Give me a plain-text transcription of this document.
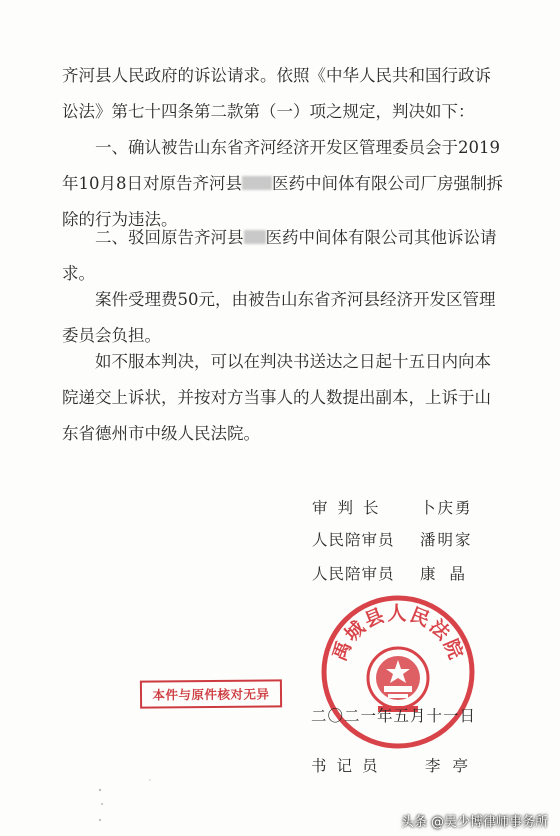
齐河县人民政府的诉讼请求。依照《中华人民共和国行政诉讼法》第七十四条第二款第（一）项之规定，判决如下：

一、确认被告山东省齐河经济开发区管理委员会于2019年10月8日对原告齐河县 医药中间体有限公司厂房强制拆除的行为违法。

二、驳回原告齐河县 医药中间体有限公司其他诉讼请求。

案件受理费50元，由被告山东省齐河县经济开发区管理委员会负担。

如不服本判决，可以在判决书送达之日起十五日内向本院递交上诉状，并按对方当事人的人数提出副本，上诉于山东省德州市中级人民法院。

审判长	卜庆勇
人民陪审员	潘明家
人民陪审员	康晶
禹城县人民法院
本件与原件核对无异
二〇二一年五月十一日
书记员	李亭
头条 @吴少博律师事务所
